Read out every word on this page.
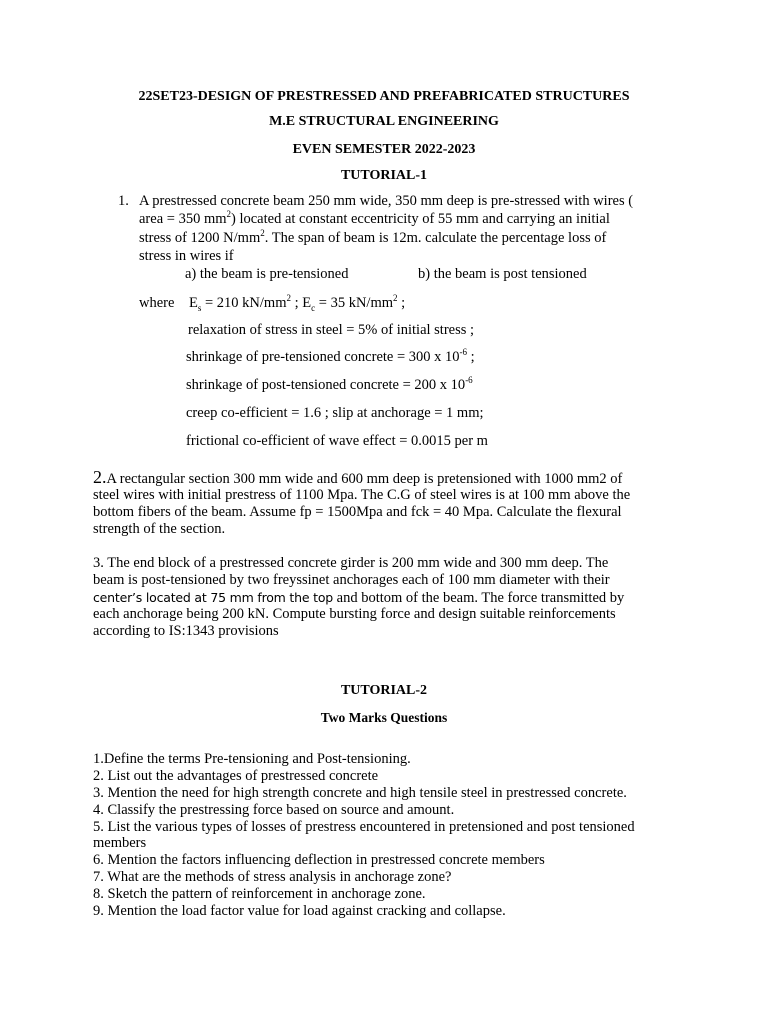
22SET23-DESIGN OF PRESTRESSED AND PREFABRICATED STRUCTURES
M.E STRUCTURAL ENGINEERING
EVEN SEMESTER 2022-2023
TUTORIAL-1
1. A prestressed concrete beam 250 mm wide, 350 mm deep is pre-stressed with wires (
area = 350 $mm^2$) located at constant eccentricity of 55 mm and carrying an initial
stress of 1200 $N/mm^2$. The span of beam is 12m. calculate the percentage loss of
stress in wires if
a) the beam is pre-tensioned	b) the beam is post tensioned
where $E_s = 210$ $kN/mm^2$ ; $E_c = 35$ $kN/mm^2$ ;
relaxation of stress in steel = 5% of initial stress ;
shrinkage of pre-tensioned concrete = 300 x $10^{-6}$ ;
shrinkage of post-tensioned concrete = 200 x $10^{-6}$
creep co-efficient = 1.6 ; slip at anchorage = 1 mm;
frictional co-efficient of wave effect = 0.0015 per m
2.A rectangular section 300 mm wide and 600 mm deep is pretensioned with 1000 mm2 of
steel wires with initial prestress of 1100 Mpa. The C.G of steel wires is at 100 mm above the
bottom fibers of the beam. Assume fp = 1500Mpa and fck = 40 Mpa. Calculate the flexural
strength of the section.
3. The end block of a prestressed concrete girder is 200 mm wide and 300 mm deep. The
beam is post-tensioned by two freyssinet anchorages each of 100 mm diameter with their
center’s located at 75 mm from the top and bottom of the beam. The force transmitted by
each anchorage being 200 kN. Compute bursting force and design suitable reinforcements
according to IS:1343 provisions
TUTORIAL-2
Two Marks Questions
1.Define the terms Pre-tensioning and Post-tensioning.
2. List out the advantages of prestressed concrete
3. Mention the need for high strength concrete and high tensile steel in prestressed concrete.
4. Classify the prestressing force based on source and amount.
5. List the various types of losses of prestress encountered in pretensioned and post tensioned
members
6. Mention the factors influencing deflection in prestressed concrete members
7. What are the methods of stress analysis in anchorage zone?
8. Sketch the pattern of reinforcement in anchorage zone.
9. Mention the load factor value for load against cracking and collapse.
